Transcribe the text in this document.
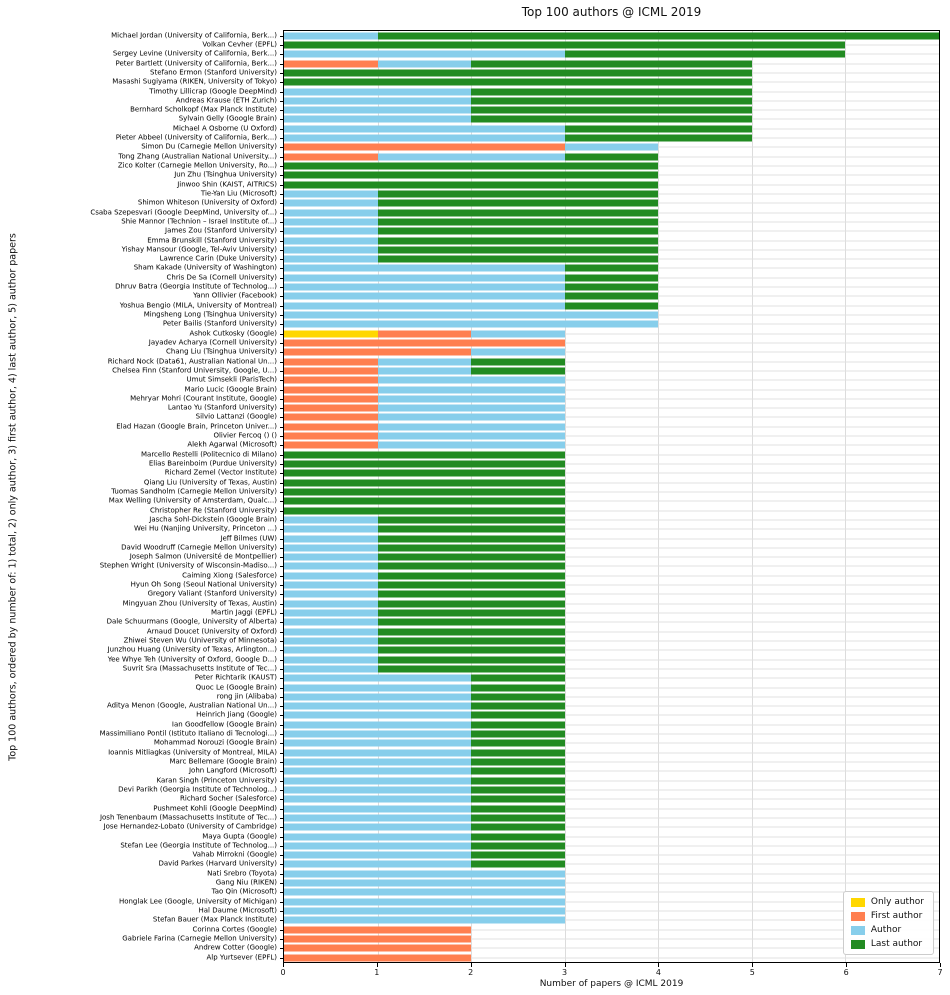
Top 100 authors @ ICML 2019
Top 100 authors, ordered by number of: 1) total, 2) only author, 3) first author, 4) last author, 5) author papers
Number of papers @ ICML 2019
Michael Jordan (University of California, Berk...)
Volkan Cevher (EPFL)
Sergey Levine (University of California, Berk...)
Peter Bartlett (University of California, Berk...)
Stefano Ermon (Stanford University)
Masashi Sugiyama (RIKEN, University of Tokyo)
Timothy Lillicrap (Google DeepMind)
Andreas Krause (ETH Zurich)
Bernhard Scholkopf (Max Planck Institute)
Sylvain Gelly (Google Brain)
Michael A Osborne (U Oxford)
Pieter Abbeel (University of California, Berk...)
Simon Du (Carnegie Mellon University)
Tong Zhang (Australian National University...)
Zico Kolter (Carnegie Mellon University, Ro...)
Jun Zhu (Tsinghua University)
Jinwoo Shin (KAIST, AITRICS)
Tie-Yan Liu (Microsoft)
Shimon Whiteson (University of Oxford)
Csaba Szepesvari (Google DeepMind, University of...)
Shie Mannor (Technion – Israel Institute of...)
James Zou (Stanford University)
Emma Brunskill (Stanford University)
Yishay Mansour (Google, Tel-Aviv University)
Lawrence Carin (Duke University)
Sham Kakade (University of Washington)
Chris De Sa (Cornell University)
Dhruv Batra (Georgia Institute of Technolog...)
Yann Ollivier (Facebook)
Yoshua Bengio (MILA, University of Montreal)
Mingsheng Long (Tsinghua University)
Peter Bailis (Stanford University)
Ashok Cutkosky (Google)
Jayadev Acharya (Cornell University)
Chang Liu (Tsinghua University)
Richard Nock (Data61, Australian National Un...)
Chelsea Finn (Stanford University, Google, U...)
Umut Simsekli (ParisTech)
Mario Lucic (Google Brain)
Mehryar Mohri (Courant Institute, Google)
Lantao Yu (Stanford University)
Silvio Lattanzi (Google)
Elad Hazan (Google Brain, Princeton Univer...)
Olivier Fercoq () ()
Alekh Agarwal (Microsoft)
Marcello Restelli (Politecnico di Milano)
Elias Bareinboim (Purdue University)
Richard Zemel (Vector Institute)
Qiang Liu (University of Texas, Austin)
Tuomas Sandholm (Carnegie Mellon University)
Max Welling (University of Amsterdam, Qualc...)
Christopher Re (Stanford University)
Jascha Sohl-Dickstein (Google Brain)
Wei Hu (Nanjing University, Princeton ...)
Jeff Bilmes (UW)
David Woodruff (Carnegie Mellon University)
Joseph Salmon (Université de Montpellier)
Stephen Wright (University of Wisconsin-Madiso...)
Caiming Xiong (Salesforce)
Hyun Oh Song (Seoul National University)
Gregory Valiant (Stanford University)
Mingyuan Zhou (University of Texas, Austin)
Martin Jaggi (EPFL)
Dale Schuurmans (Google, University of Alberta)
Arnaud Doucet (University of Oxford)
Zhiwei Steven Wu (University of Minnesota)
Junzhou Huang (University of Texas, Arlington...)
Yee Whye Teh (University of Oxford, Google D...)
Suvrit Sra (Massachusetts Institute of Tec...)
Peter Richtarik (KAUST)
Quoc Le (Google Brain)
rong jin (Alibaba)
Aditya Menon (Google, Australian National Un...)
Heinrich Jiang (Google)
Ian Goodfellow (Google Brain)
Massimiliano Pontil (Istituto Italiano di Tecnologi...)
Mohammad Norouzi (Google Brain)
Ioannis Mitliagkas (University of Montreal, MILA)
Marc Bellemare (Google Brain)
John Langford (Microsoft)
Karan Singh (Princeton University)
Devi Parikh (Georgia Institute of Technolog...)
Richard Socher (Salesforce)
Pushmeet Kohli (Google DeepMind)
Josh Tenenbaum (Massachusetts Institute of Tec...)
Jose Hernandez-Lobato (University of Cambridge)
Maya Gupta (Google)
Stefan Lee (Georgia Institute of Technolog...)
Vahab Mirrokni (Google)
David Parkes (Harvard University)
Nati Srebro (Toyota)
Gang Niu (RIKEN)
Tao Qin (Microsoft)
Honglak Lee (Google, University of Michigan)
Hal Daume (Microsoft)
Stefan Bauer (Max Planck Institute)
Corinna Cortes (Google)
Gabriele Farina (Carnegie Mellon University)
Andrew Cotter (Google)
Alp Yurtsever (EPFL)
Only author
First author
Author
Last author
0	1	2	3	4	5	6	7
